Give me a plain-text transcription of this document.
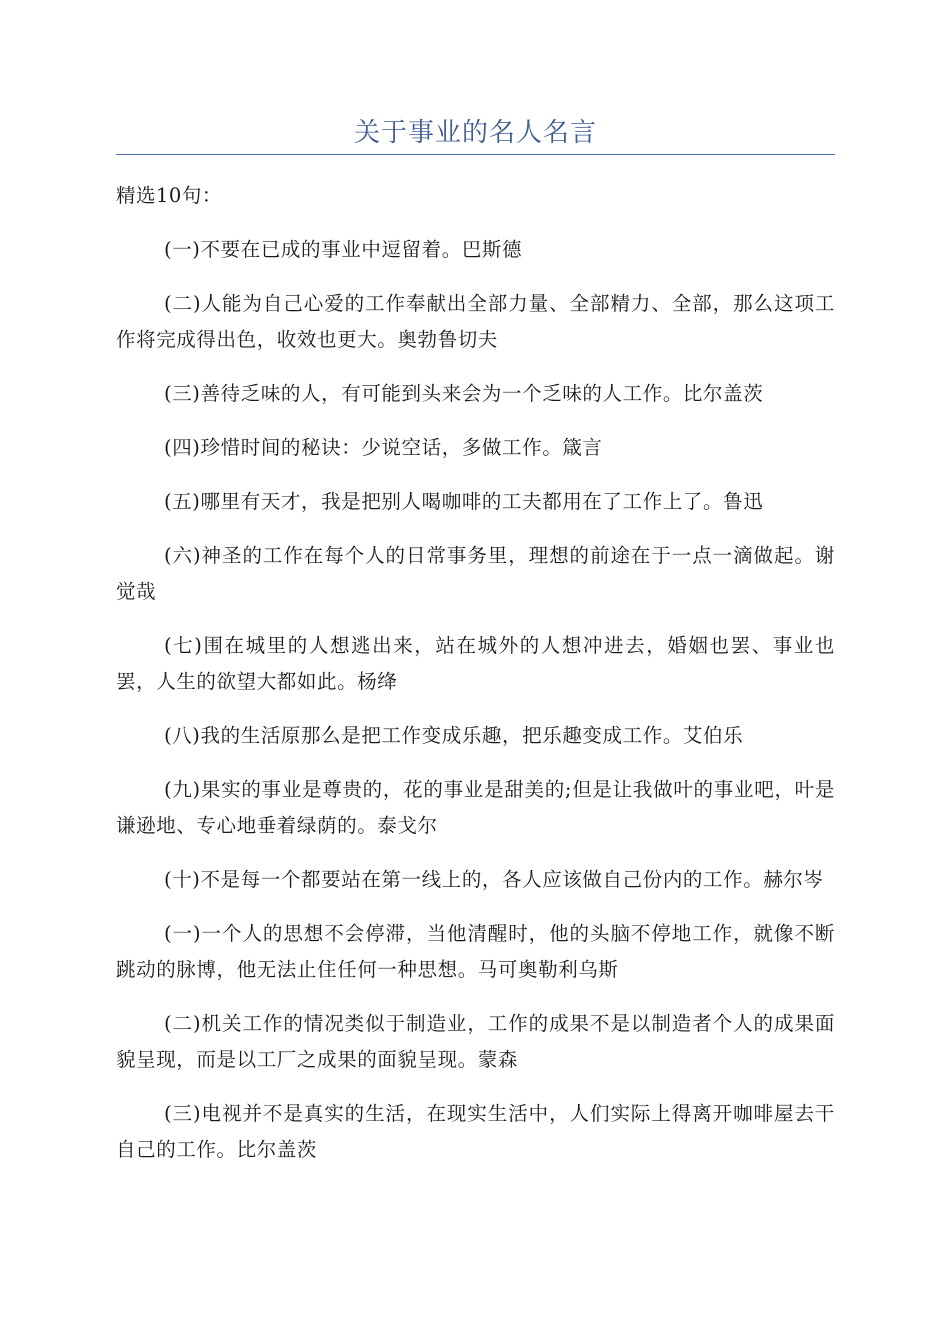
关于事业的名人名言
精选10句：

(一)不要在已成的事业中逗留着。巴斯德

(二)人能为自己心爱的工作奉献出全部力量、全部精力、全部，那么这项工作将完成得出色，收效也更大。奥勃鲁切夫

(三)善待乏味的人，有可能到头来会为一个乏味的人工作。比尔盖茨

(四)珍惜时间的秘诀：少说空话，多做工作。箴言

(五)哪里有天才，我是把别人喝咖啡的工夫都用在了工作上了。鲁迅

(六)神圣的工作在每个人的日常事务里，理想的前途在于一点一滴做起。谢觉哉

(七)围在城里的人想逃出来，站在城外的人想冲进去，婚姻也罢、事业也罢，人生的欲望大都如此。杨绛

(八)我的生活原那么是把工作变成乐趣，把乐趣变成工作。艾伯乐

(九)果实的事业是尊贵的，花的事业是甜美的;但是让我做叶的事业吧，叶是谦逊地、专心地垂着绿荫的。泰戈尔

(十)不是每一个都要站在第一线上的，各人应该做自己份内的工作。赫尔岑

(一)一个人的思想不会停滞，当他清醒时，他的头脑不停地工作，就像不断跳动的脉博，他无法止住任何一种思想。马可奥勒利乌斯

(二)机关工作的情况类似于制造业，工作的成果不是以制造者个人的成果面貌呈现，而是以工厂之成果的面貌呈现。蒙森

(三)电视并不是真实的生活，在现实生活中，人们实际上得离开咖啡屋去干自己的工作。比尔盖茨
